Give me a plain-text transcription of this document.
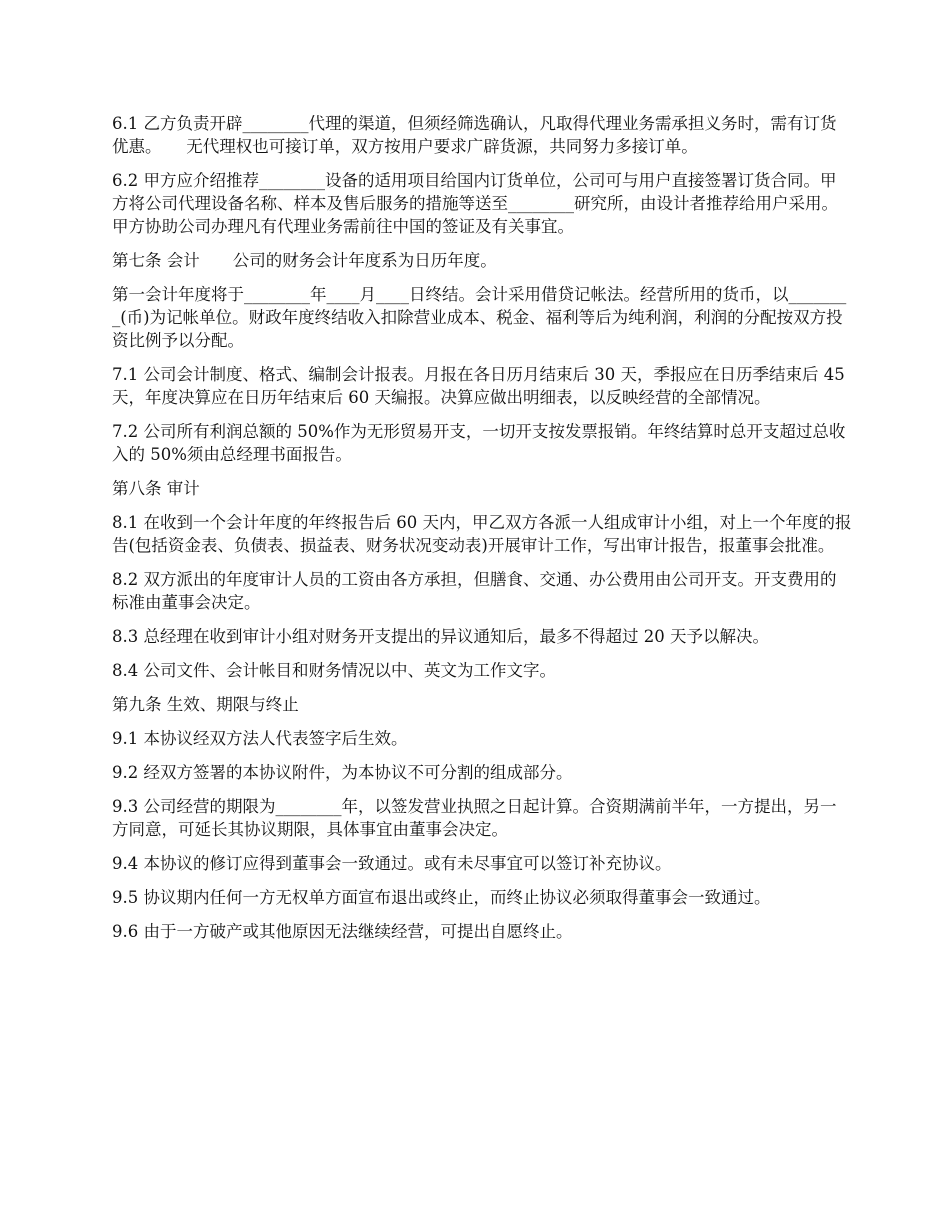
6.1 乙方负责开辟________代理的渠道，但须经筛选确认，凡取得代理业务需承担义务时，需有订货优惠。　　无代理权也可接订单，双方按用户要求广辟货源，共同努力多接订单。

6.2 甲方应介绍推荐________设备的适用项目给国内订货单位，公司可与用户直接签署订货合同。甲方将公司代理设备名称、样本及售后服务的措施等送至________研究所，由设计者推荐给用户采用。甲方协助公司办理凡有代理业务需前往中国的签证及有关事宜。

第七条 会计　　公司的财务会计年度系为日历年度。

第一会计年度将于________年____月____日终结。会计采用借贷记帐法。经营所用的货币，以________(币)为记帐单位。财政年度终结收入扣除营业成本、税金、福利等后为纯利润，利润的分配按双方投资比例予以分配。

7.1 公司会计制度、格式、编制会计报表。月报在各日历月结束后 30 天，季报应在日历季结束后 45 天，年度决算应在日历年结束后 60 天编报。决算应做出明细表，以反映经营的全部情况。

7.2 公司所有利润总额的 50%作为无形贸易开支，一切开支按发票报销。年终结算时总开支超过总收入的 50%须由总经理书面报告。

第八条 审计

8.1 在收到一个会计年度的年终报告后 60 天内，甲乙双方各派一人组成审计小组，对上一个年度的报告(包括资金表、负债表、损益表、财务状况变动表)开展审计工作，写出审计报告，报董事会批准。

8.2 双方派出的年度审计人员的工资由各方承担，但膳食、交通、办公费用由公司开支。开支费用的标准由董事会决定。

8.3 总经理在收到审计小组对财务开支提出的异议通知后，最多不得超过 20 天予以解决。

8.4 公司文件、会计帐目和财务情况以中、英文为工作文字。

第九条 生效、期限与终止

9.1 本协议经双方法人代表签字后生效。

9.2 经双方签署的本协议附件，为本协议不可分割的组成部分。

9.3 公司经营的期限为________年，以签发营业执照之日起计算。合资期满前半年，一方提出，另一方同意，可延长其协议期限，具体事宜由董事会决定。

9.4 本协议的修订应得到董事会一致通过。或有未尽事宜可以签订补充协议。

9.5 协议期内任何一方无权单方面宣布退出或终止，而终止协议必须取得董事会一致通过。

9.6 由于一方破产或其他原因无法继续经营，可提出自愿终止。
